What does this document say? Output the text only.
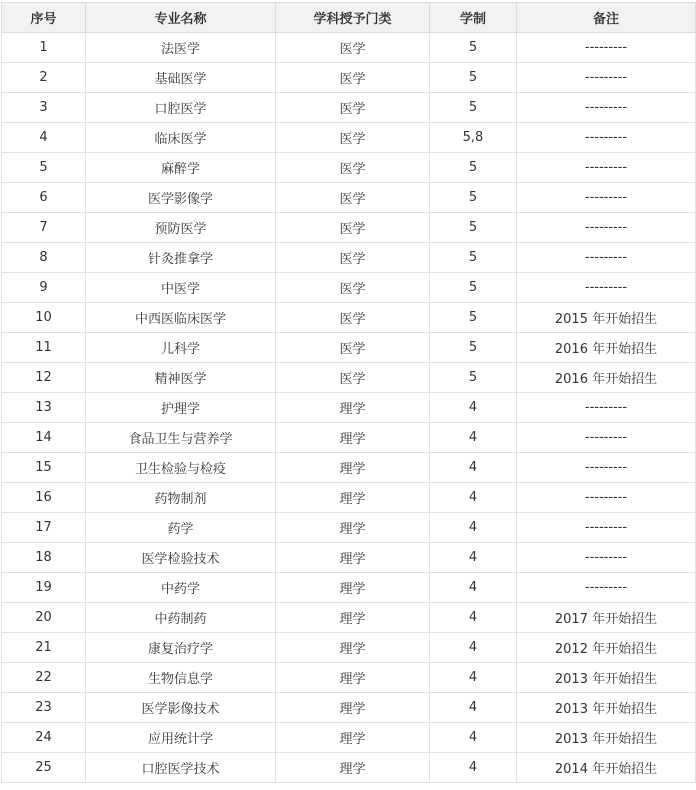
序号	专业名称	学科授予门类	学制	备注
1	法医学	医学	5	---------
2	基础医学	医学	5	---------
3	口腔医学	医学	5	---------
4	临床医学	医学	5,8	---------
5	麻醉学	医学	5	---------
6	医学影像学	医学	5	---------
7	预防医学	医学	5	---------
8	针灸推拿学	医学	5	---------
9	中医学	医学	5	---------
10	中西医临床医学	医学	5	2015 年开始招生
11	儿科学	医学	5	2016 年开始招生
12	精神医学	医学	5	2016 年开始招生
13	护理学	理学	4	---------
14	食品卫生与营养学	理学	4	---------
15	卫生检验与检疫	理学	4	---------
16	药物制剂	理学	4	---------
17	药学	理学	4	---------
18	医学检验技术	理学	4	---------
19	中药学	理学	4	---------
20	中药制药	理学	4	2017 年开始招生
21	康复治疗学	理学	4	2012 年开始招生
22	生物信息学	理学	4	2013 年开始招生
23	医学影像技术	理学	4	2013 年开始招生
24	应用统计学	理学	4	2013 年开始招生
25	口腔医学技术	理学	4	2014 年开始招生
